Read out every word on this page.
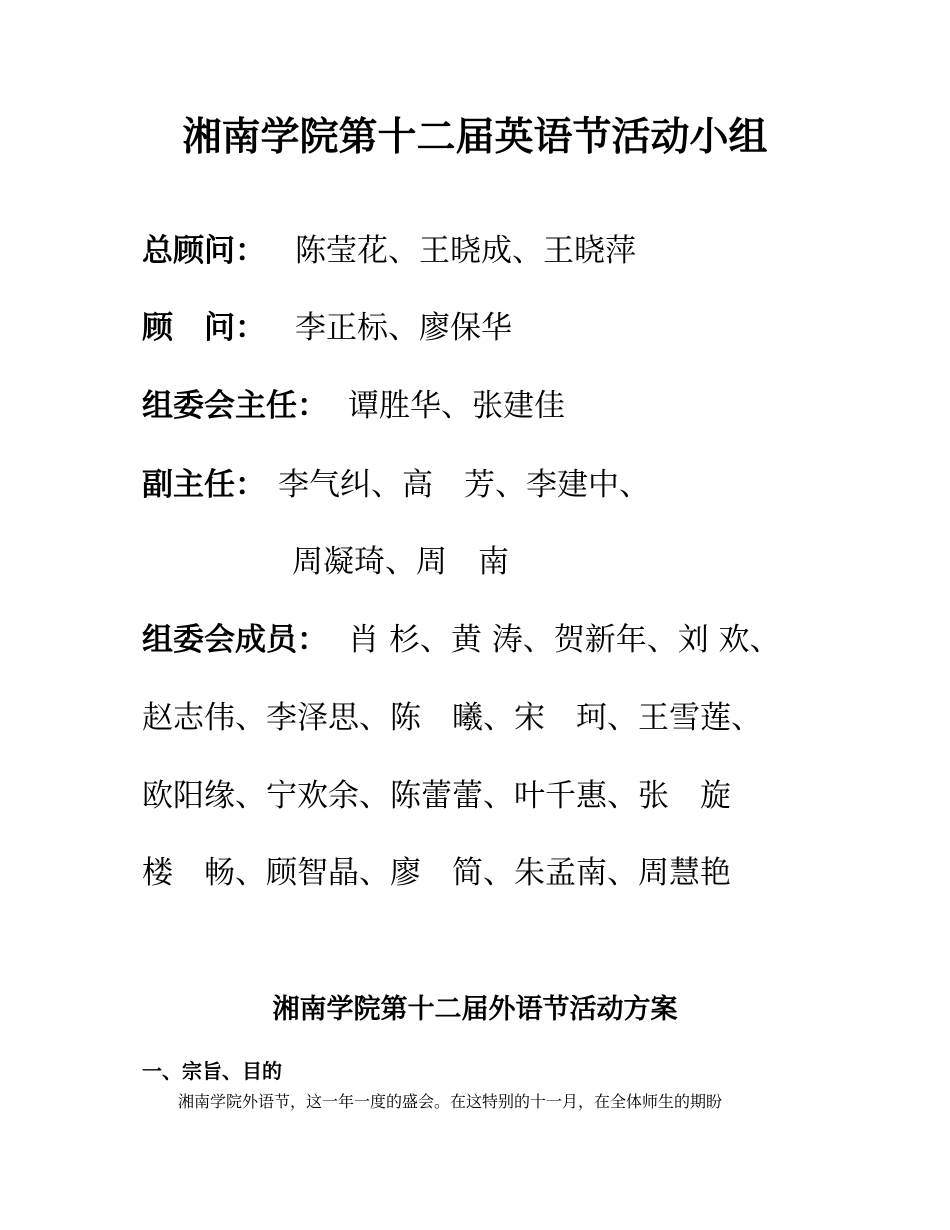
湘南学院第十二届英语节活动小组
总顾问： 陈莹花、王晓成、王晓萍
顾　问： 李正标、廖保华
组委会主任： 谭胜华、张建佳
副主任： 李气纠、高　芳、李建中、
周凝琦、周　南
组委会成员： 肖 杉、黄 涛、贺新年、刘 欢、
赵志伟、李泽思、陈　曦、宋　珂、王雪莲、
欧阳缘、宁欢余、陈蕾蕾、叶千惠、张　旋
楼　畅、顾智晶、廖　简、朱孟南、周慧艳
湘南学院第十二届外语节活动方案
一、宗旨、目的
湘南学院外语节，这一年一度的盛会。在这特别的十一月，在全体师生的期盼
